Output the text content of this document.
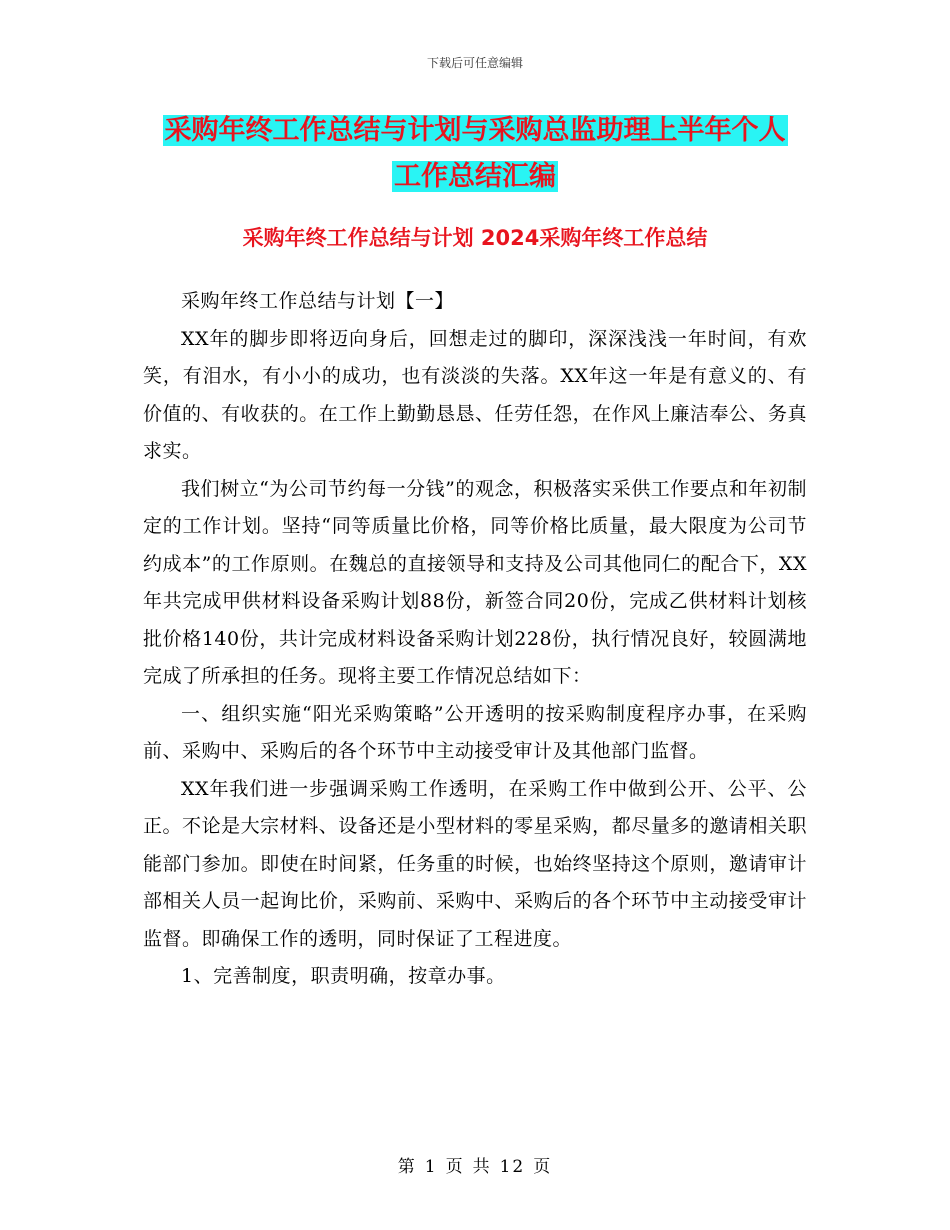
下载后可任意编辑
采购年终工作总结与计划与采购总监助理上半年个人
工作总结汇编
采购年终工作总结与计划 2024采购年终工作总结

采购年终工作总结与计划【一】

XX年的脚步即将迈向身后，回想走过的脚印，深深浅浅一年时间，有欢笑，有泪水，有小小的成功，也有淡淡的失落。XX年这一年是有意义的、有价值的、有收获的。在工作上勤勤恳恳、任劳任怨，在作风上廉洁奉公、务真求实。

我们树立“为公司节约每一分钱”的观念，积极落实采供工作要点和年初制定的工作计划。坚持“同等质量比价格，同等价格比质量，最大限度为公司节约成本”的工作原则。在魏总的直接领导和支持及公司其他同仁的配合下，XX年共完成甲供材料设备采购计划88份，新签合同20份，完成乙供材料计划核批价格140份，共计完成材料设备采购计划228份，执行情况良好，较圆满地完成了所承担的任务。现将主要工作情况总结如下：

一、组织实施“阳光采购策略”公开透明的按采购制度程序办事，在采购前、采购中、采购后的各个环节中主动接受审计及其他部门监督。

XX年我们进一步强调采购工作透明，在采购工作中做到公开、公平、公正。不论是大宗材料、设备还是小型材料的零星采购，都尽量多的邀请相关职能部门参加。即使在时间紧，任务重的时候，也始终坚持这个原则，邀请审计部相关人员一起询比价，采购前、采购中、采购后的各个环节中主动接受审计监督。即确保工作的透明，同时保证了工程进度。

1、完善制度，职责明确，按章办事。

第 1 页 共 12 页
